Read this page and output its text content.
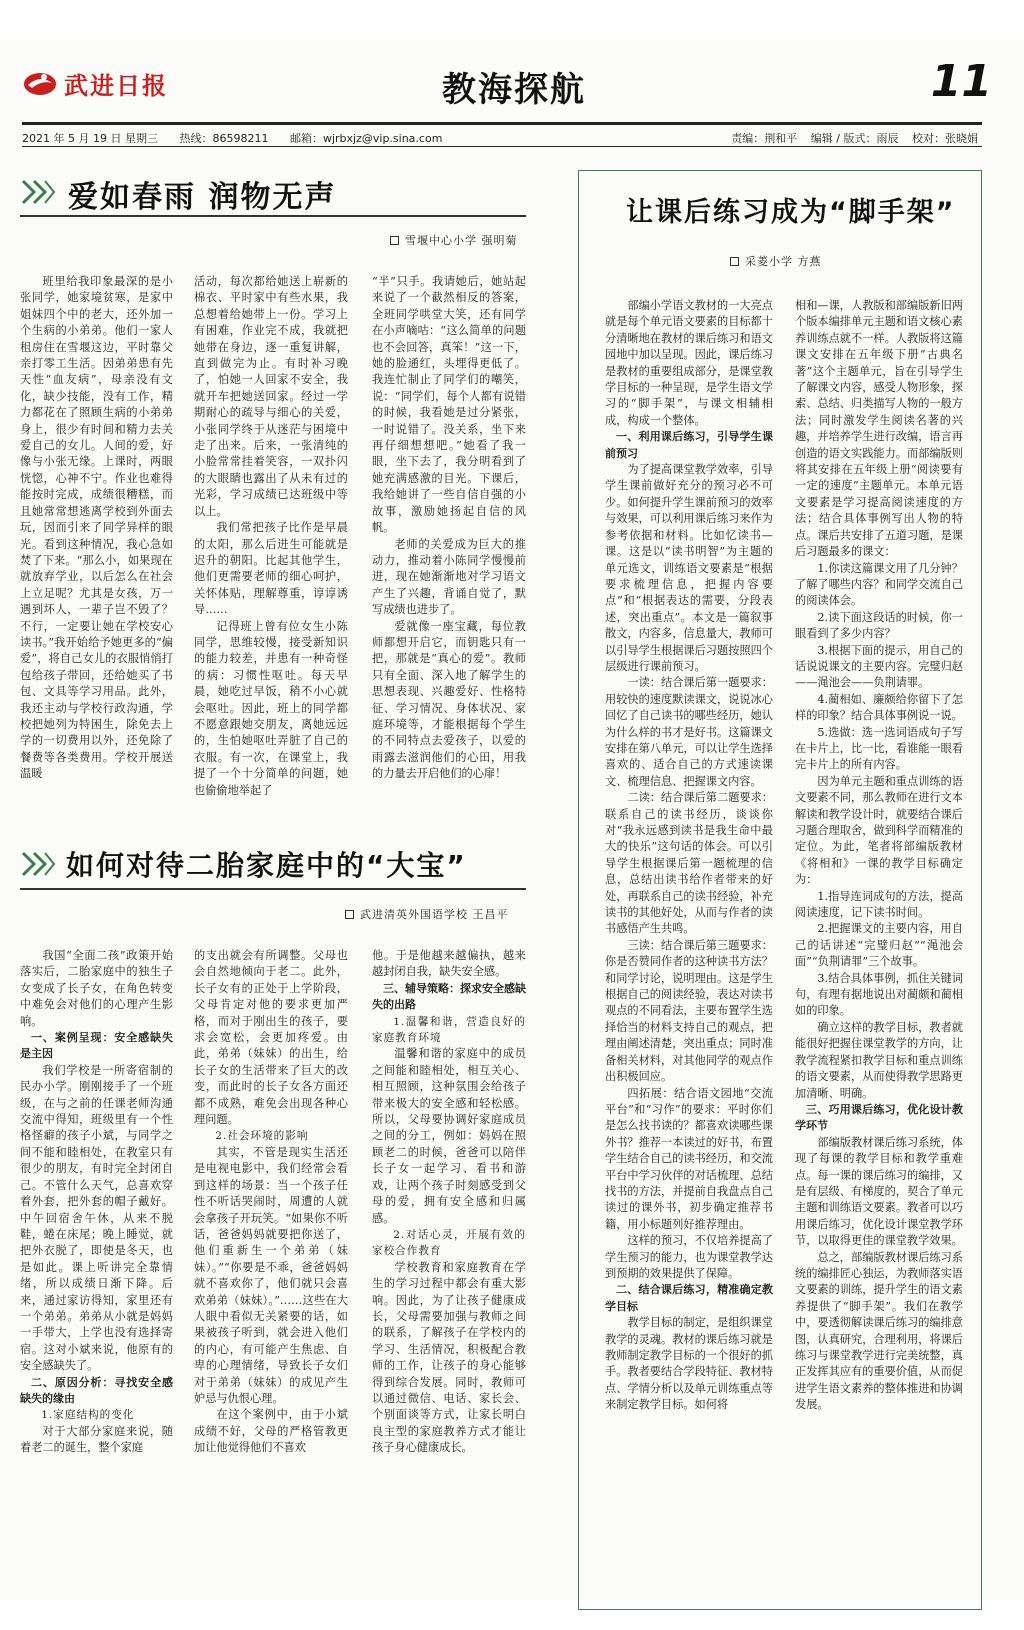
武进日报	教海探航	11
2021 年 5 月 19 日 星期三 热线：86598211 邮箱：wjrbxjz@vip.sina.com	责编：荆和平 编辑 / 版式：雨辰 校对：张晓娟
爱如春雨 润物无声
雪堰中心小学 强明菊

班里给我印象最深的是小张同学，她家境贫寒，是家中姐妹四个中的老大，还外加一个生病的小弟弟。他们一家人租房住在雪堰这边，平时靠父亲打零工生活。因弟弟患有先天性“血友病”，母亲没有文化，缺少技能，没有工作，精力都花在了照顾生病的小弟弟身上，很少有时间和精力去关爱自己的女儿。人间的爱，好像与小张无缘。上课时，两眼恍惚，心神不宁。作业也难得能按时完成，成绩很糟糕，而且她常常想逃离学校到外面去玩，因而引来了同学异样的眼光。看到这种情况，我心急如焚了下来。“那么小，如果现在就放弃学业，以后怎么在社会上立足呢？尤其是女孩，万一遇到坏人，一辈子岂不毁了？不行，一定要让她在学校安心读书。”我开始给予她更多的“偏爱”，将自己女儿的衣服悄悄打包给孩子带回，还给她买了书包、文具等学习用品。此外，我还主动与学校行政沟通，学校把她列为特困生，除免去上学的一切费用以外，还免除了餐费等各类费用。学校开展送温暖

活动，每次都给她送上崭新的棉衣、平时家中有些水果，我总想着给她带上一份。学习上有困难，作业完不成，我就把她带在身边，逐一重复讲解，直到做完为止。有时补习晚了，怕她一人回家不安全，我就开车把她送回家。经过一学期耐心的疏导与细心的关爱，小张同学终于从迷茫与困境中走了出来。后来，一张清纯的小脸常常挂着笑容，一双扑闪的大眼睛也露出了从未有过的光彩，学习成绩已达班级中等以上。

我们常把孩子比作是早晨的太阳，那么后进生可能就是迟升的朝阳。比起其他学生，他们更需要老师的细心呵护，关怀体贴，理解尊重，谆谆诱导……

记得班上曾有位女生小陈同学，思维较慢，接受新知识的能力较差，并患有一种奇怪的病：习惯性呕吐。每天早晨，她吃过早饭，稍不小心就会呕吐。因此，班上的同学都不愿意跟她交朋友，离她远远的，生怕她呕吐弄脏了自己的衣服。有一次，在课堂上，我提了一个十分简单的问题，她也偷偷地举起了

“半”只手。我请她后，她站起来说了一个截然相反的答案，全班同学哄堂大笑，还有同学在小声嘀咕：“这么简单的问题也不会回答，真笨！”这一下，她的脸通红，头埋得更低了。我连忙制止了同学们的嘲笑，说：“同学们，每个人都有说错的时候，我看她是过分紧张，一时说错了。没关系，坐下来再仔细想想吧。”她看了我一眼，坐下去了，我分明看到了她充满感激的目光。下课后，我给她讲了一些自信自强的小故事，激励她扬起自信的风帆。

老师的关爱成为巨大的推动力，推动着小陈同学慢慢前进，现在她渐渐地对学习语文产生了兴趣，背诵自觉了，默写成绩也进步了。

爱就像一座宝藏，每位教师都想开启它，而钥匙只有一把，那就是“真心的爱”。教师只有全面、深入地了解学生的思想表现、兴趣爱好、性格特征、学习情况、身体状况、家庭环境等，才能根据每个学生的不同特点去爱孩子，以爱的雨露去滋润他们的心田，用我的力量去开启他们的心扉！

如何对待二胎家庭中的“大宝”
武进清英外国语学校 王昌平

我国“全面二孩”政策开始落实后，二胎家庭中的独生子女变成了长子女，在角色转变中难免会对他们的心理产生影响。

一、案例呈现：安全感缺失是主因

我们学校是一所寄宿制的民办小学。刚刚接手了一个班级，在与之前的任课老师沟通交流中得知，班级里有一个性格怪癖的孩子小斌，与同学之间不能和睦相处，在教室只有很少的朋友，有时完全封闭自己。不管什么天气，总喜欢穿着外套，把外套的帽子戴好。中午回宿舍午休，从来不脱鞋，蜷在床尾；晚上睡觉，就把外衣脱了，即使是冬天，也是如此。课上听讲完全靠情绪，所以成绩日渐下降。后来，通过家访得知，家里还有一个弟弟。弟弟从小就是妈妈一手带大，上学也没有选择寄宿。这对小斌来说，他原有的安全感缺失了。

二、原因分析：寻找安全感缺失的缘由

1.家庭结构的变化

对于大部分家庭来说，随着老二的诞生，整个家庭

的支出就会有所调整。父母也会自然地倾向于老二。此外，长子女有的正处于上学阶段，父母肯定对他的要求更加严格，而对于刚出生的孩子，要求会宽松，会更加疼爱。由此，弟弟（妹妹）的出生，给长子女的生活带来了巨大的改变，而此时的长子女各方面还都不成熟，难免会出现各种心理问题。

2.社会环境的影响

其实，不管是现实生活还是电视电影中，我们经常会看到这样的场景：当一个孩子任性不听话哭闹时，周遭的人就会拿孩子开玩笑。“如果你不听话，爸爸妈妈就要把你送了，他们重新生一个弟弟（妹妹）。”“你要是不乖，爸爸妈妈就不喜欢你了，他们就只会喜欢弟弟（妹妹）。”……这些在大人眼中看似无关紧要的话，如果被孩子听到，就会进入他们的内心，有可能产生焦虑、自卑的心理情绪，导致长子女们对于弟弟（妹妹）的成见产生妒忌与仇恨心理。

在这个案例中，由于小斌成绩不好，父母的严格管教更加让他觉得他们不喜欢

他。于是他越来越偏执，越来越封闭自我，缺失安全感。

三、辅导策略：探求安全感缺失的出路

1.温馨和谐，营造良好的家庭教育环境

温馨和谐的家庭中的成员之间能和睦相处，相互关心、相互照顾，这种氛围会给孩子带来极大的安全感和轻松感。所以，父母要协调好家庭成员之间的分工，例如：妈妈在照顾老二的时候，爸爸可以陪伴长子女一起学习、看书和游戏，让两个孩子时刻感受到父母的爱，拥有安全感和归属感。

2.对话心灵，开展有效的家校合作教育

学校教育和家庭教育在学生的学习过程中都会有重大影响。因此，为了让孩子健康成长，父母需要加强与教师之间的联系，了解孩子在学校内的学习、生活情况，积极配合教师的工作，让孩子的身心能够得到综合发展。同时，教师可以通过微信、电话、家长会、个别面谈等方式，让家长明白良主型的家庭教养方式才能让孩子身心健康成长。

让课后练习成为“脚手架”
采菱小学 方燕

部编小学语文教材的一大亮点就是每个单元语文要素的目标都十分清晰地在教材的课后练习和语文园地中加以呈现。因此，课后练习是教材的重要组成部分，是课堂教学目标的一种呈现，是学生语文学习的“脚手架”，与课文相辅相成，构成一个整体。

一、利用课后练习，引导学生课前预习

为了提高课堂教学效率，引导学生课前做好充分的预习必不可少。如何提升学生课前预习的效率与效果，可以利用课后练习来作为参考依据和材料。比如忆读书—课。这是以“读书明智”为主题的单元选文，训练语文要素是“根据要求梳理信息，把握内容要点”和“根据表达的需要，分段表述，突出重点”。本文是一篇叙事散文，内容多，信息量大，教师可以引导学生根据课后习题按照四个层级进行课前预习。

一读：结合课后第一题要求：用较快的速度默读课文，说说冰心回忆了自己读书的哪些经历，她认为什么样的书才是好书。这篇课文安排在第八单元，可以让学生选择喜欢的、适合自己的方式速读课文、梳理信息、把握课文内容。

二读：结合课后第二题要求：联系自己的读书经历，谈谈你对“我永远感到读书是我生命中最大的快乐”这句话的体会。可以引导学生根据课后第一题梳理的信息，总结出读书给作者带来的好处，再联系自己的读书经验，补充读书的其他好处，从而与作者的读书感悟产生共鸣。

三读：结合课后第三题要求：你是否赞同作者的这种读书方法？和同学讨论，说明理由。这是学生根据自己的阅读经验，表达对读书观点的不同看法，主要布置学生选择恰当的材料支持自己的观点，把理由阐述清楚，突出重点；同时准备相关材料，对其他同学的观点作出积极回应。

四拓展：结合语文园地“交流平台”和“习作”的要求：平时你们是怎么找书读的？都喜欢读哪些课外书？推荐一本读过的好书，布置学生结合自己的读书经历，和交流平台中学习伙伴的对话梳理、总结找书的方法，并提前自我盘点自己读过的课外书，初步确定推荐书籍，用小标题列好推荐理由。

这样的预习，不仅培养提高了学生预习的能力，也为课堂教学达到预期的效果提供了保障。

二、结合课后练习，精准确定教学目标

教学目标的制定，是组织课堂教学的灵魂。教材的课后练习就是教师制定教学目标的一个很好的抓手。教者要结合学段特征、教材特点、学情分析以及单元训练重点等来制定教学目标。如何将

相和—课，人教版和部编版新旧两个版本编排单元主题和语文核心素养训练点就不一样。人教版将这篇课文安排在五年级下册“古典名著”这个主题单元，旨在引导学生了解课文内容，感受人物形象，探索、总结、归类描写人物的一般方法；同时激发学生阅读名著的兴趣，并培养学生进行改编，语言再创造的语文实践能力。而部编版则将其安排在五年级上册“阅读要有一定的速度”主题单元。本单元语文要素是学习提高阅读速度的方法；结合具体事例写出人物的特点。课后共安排了五道习题，是课后习题最多的课文：

1.你读这篇课文用了几分钟？了解了哪些内容？和同学交流自己的阅读体会。

2.读下面这段话的时候，你一眼看到了多少内容？

3.根据下面的提示，用自己的话说说课文的主要内容。完璧归赵——渑池会——负荆请罪。

4.蔺相如、廉颇给你留下了怎样的印象？结合具体事例说一说。

5.选做：选一选词语成句子写在卡片上，比一比，看谁能一眼看完卡片上的所有内容。

因为单元主题和重点训练的语文要素不同，那么教师在进行文本解读和教学设计时，就要结合课后习题合理取舍，做到科学而精准的定位。为此，笔者将部编版教材《将相和》一课的教学目标确定为：

1.指导连词成句的方法，提高阅读速度，记下读书时间。

2.把握课文的主要内容，用自己的话讲述“完璧归赵”“渑池会面”“负荆请罪”三个故事。

3.结合具体事例，抓住关键词句，有理有据地说出对蔺颇和蔺相如的印象。

确立这样的教学目标，教者就能很好把握住课堂教学的方向，让教学流程紧扣教学目标和重点训练的语文要素，从而使得教学思路更加清晰、明确。

三、巧用课后练习，优化设计教学环节

部编版教材课后练习系统，体现了每课的教学目标和教学重难点。每一课的课后练习的编排，又是有层级、有梯度的，契合了单元主题和训练语文要素。教者可以巧用课后练习，优化设计课堂教学环节，以取得更佳的课堂教学效果。

总之，部编版教材课后练习系统的编排匠心独运，为教师落实语文要素的训练，提升学生的语文素养提供了“脚手架”。我们在教学中，要透彻解读课后练习的编排意图，认真研究，合理利用，将课后练习与课堂教学进行完美统整，真正发挥其应有的重要价值，从而促进学生语文素养的整体推进和协调发展。
